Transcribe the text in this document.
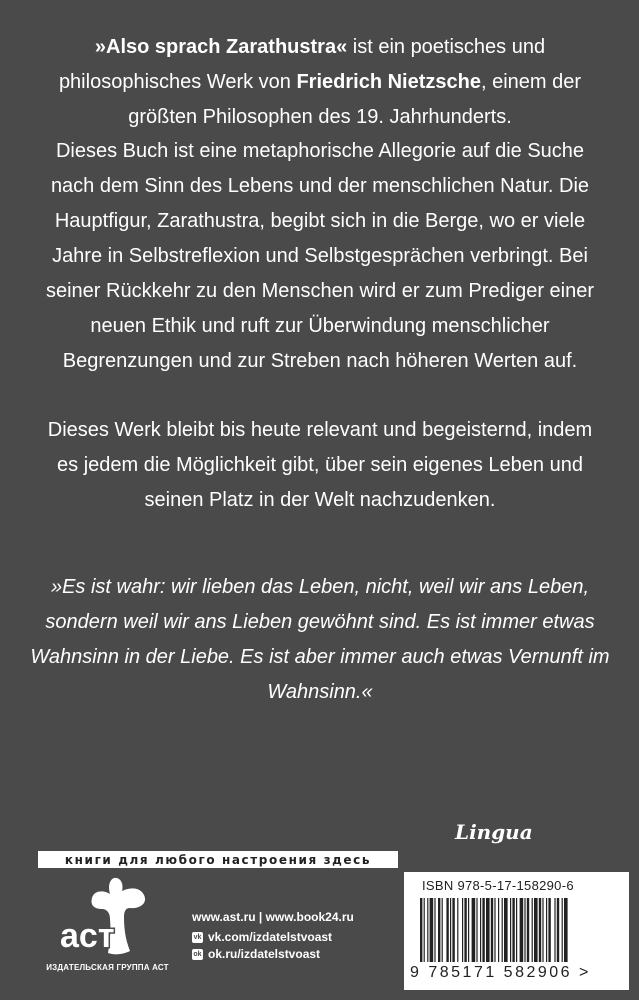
»Also sprach Zarathustra« ist ein poetisches und philosophisches Werk von Friedrich Nietzsche, einem der größten Philosophen des 19. Jahrhunderts.

Dieses Buch ist eine metaphorische Allegorie auf die Suche nach dem Sinn des Lebens und der menschlichen Natur. Die Hauptfigur, Zarathustra, begibt sich in die Berge, wo er viele Jahre in Selbstreflexion und Selbstgesprächen verbringt. Bei seiner Rückkehr zu den Menschen wird er zum Prediger einer neuen Ethik und ruft zur Überwindung menschlicher Begrenzungen und zur Streben nach höheren Werten auf.

Dieses Werk bleibt bis heute relevant und begeisternd, indem es jedem die Möglichkeit gibt, über sein eigenes Leben und seinen Platz in der Welt nachzudenken.

»Es ist wahr: wir lieben das Leben, nicht, weil wir ans Leben, sondern weil wir ans Lieben gewöhnt sind. Es ist immer etwas Wahnsinn in der Liebe. Es ist aber immer auch etwas Vernunft im Wahnsinn.«

книги для любого настроения здесь
аст
ИЗДАТЕЛЬСКАЯ ГРУППА АСТ
www.ast.ru | www.book24.ru
vk vk.com/izdatelstvoast
ok ok.ru/izdatelstvoast
Lingua
ISBN 978-5-17-158290-6
9 785171 582906 >
